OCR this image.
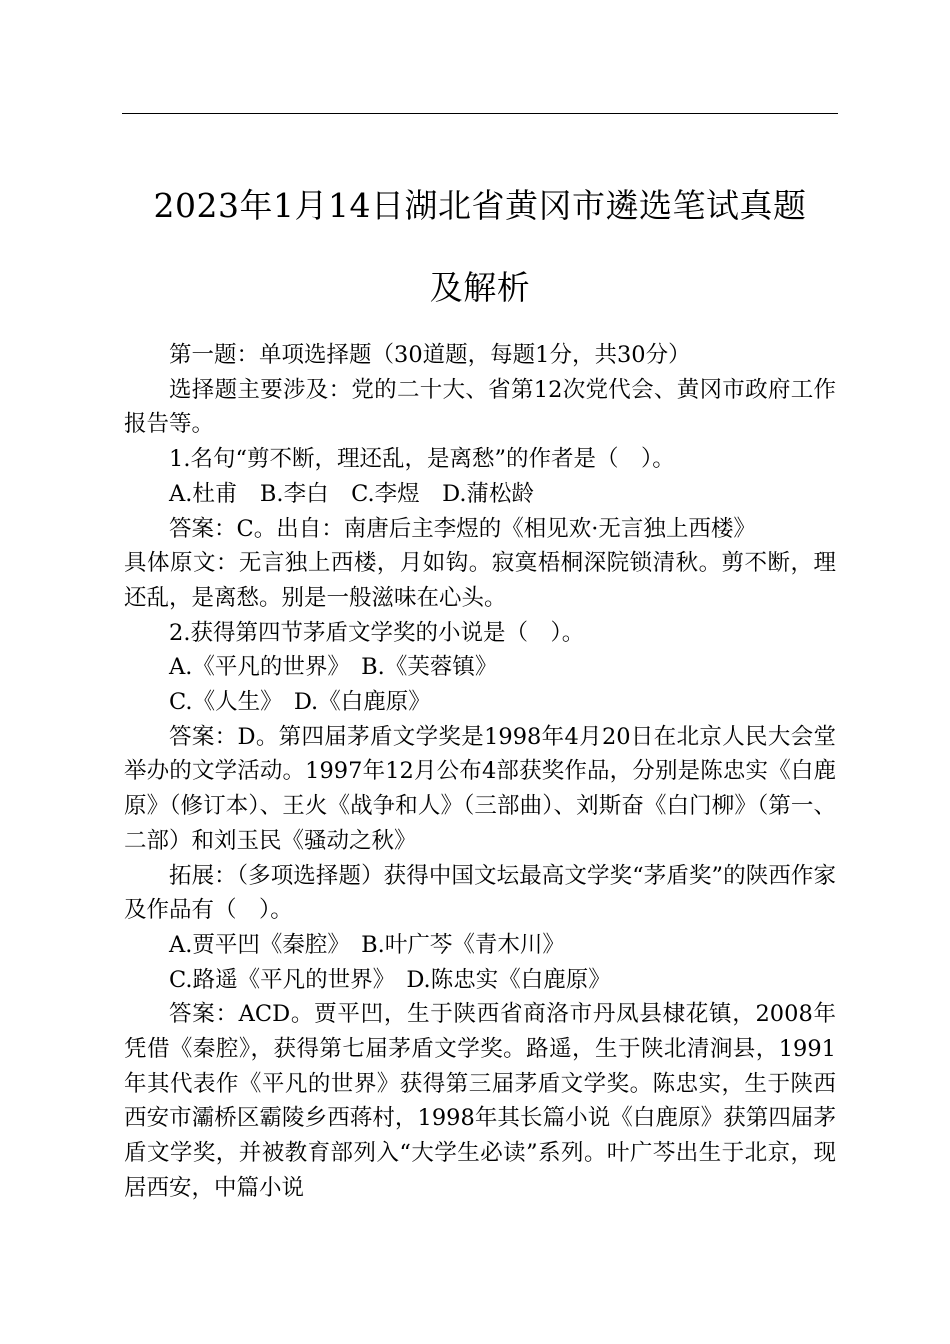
2023年1月14日湖北省黄冈市遴选笔试真题
及解析

第一题：单项选择题（30道题，每题1分，共30分）

选择题主要涉及：党的二十大、省第12次党代会、黄冈市政府工作报告等。

1.名句“剪不断，理还乱，是离愁”的作者是（　）。

A.杜甫　B.李白　C.李煜　D.蒲松龄

答案：C。出自：南唐后主李煜的《相见欢·无言独上西楼》

具体原文：无言独上西楼，月如钩。寂寞梧桐深院锁清秋。剪不断，理还乱，是离愁。别是一般滋味在心头。

2.获得第四节茅盾文学奖的小说是（　）。

A.《平凡的世界》　B.《芙蓉镇》

C.《人生》　D.《白鹿原》

答案：D。第四届茅盾文学奖是1998年4月20日在北京人民大会堂举办的文学活动。1997年12月公布4部获奖作品，分别是陈忠实《白鹿原》（修订本）、王火《战争和人》（三部曲）、刘斯奋《白门柳》（第一、二部）和刘玉民《骚动之秋》

拓展：（多项选择题）获得中国文坛最高文学奖“茅盾奖”的陕西作家及作品有（　）。

A.贾平凹《秦腔》　B.叶广芩《青木川》

C.路遥《平凡的世界》　D.陈忠实《白鹿原》

答案：ACD。贾平凹，生于陕西省商洛市丹凤县棣花镇，2008年凭借《秦腔》，获得第七届茅盾文学奖。路遥，生于陕北清涧县，1991年其代表作《平凡的世界》获得第三届茅盾文学奖。陈忠实，生于陕西西安市灞桥区霸陵乡西蒋村，1998年其长篇小说《白鹿原》获第四届茅盾文学奖，并被教育部列入“大学生必读”系列。叶广芩出生于北京，现居西安，中篇小说
